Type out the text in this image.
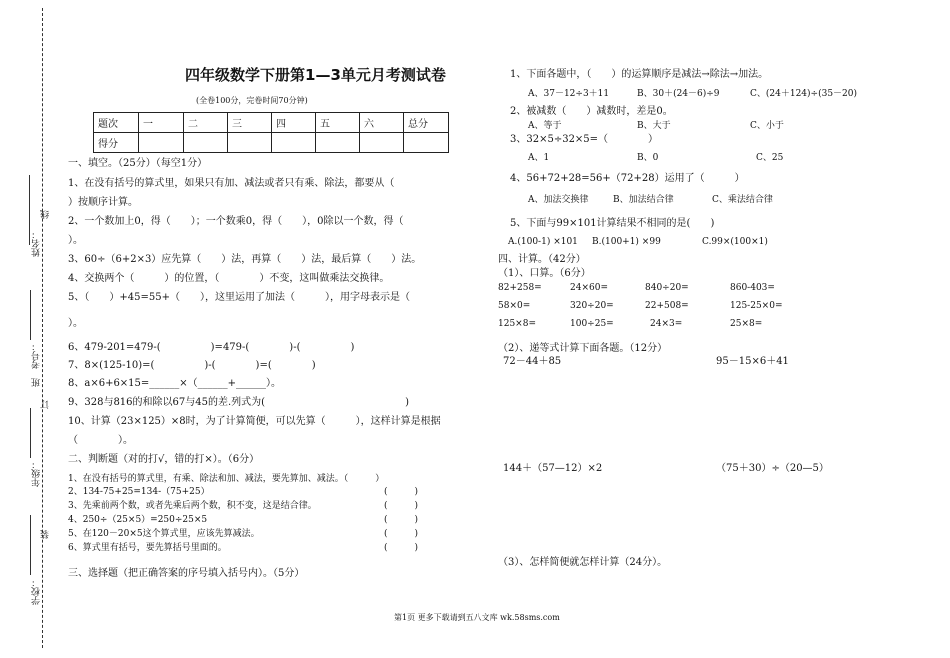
姓名：
线
考号：
班
订
年级：
装
学校：
四年级数学下册第1—3单元月考测试卷
(全卷100分，完卷时间70分钟)
题次	一	二	三	四	五	六	总分
得分							
一、填空。（25分）（每空1分）
1、在没有括号的算式里，如果只有加、减法或者只有乘、除法，都要从（
）按顺序计算。
2、一个数加上0，得（　　）；一个数乘0，得（　　），0除以一个数，得（
）。
3、60÷（6+2×3）应先算（　　）法，再算（　　）法，最后算（　　）法。
4、交换两个（　　　）的位置，（　　　　）不变，这叫做乘法交换律。
5、（　　）+45=55+（　　），这里运用了加法（　　　），用字母表示是（
）。
6、479-201=479-(　　　　　)=479-(　　　　)-(　　　　　)
7、8×(125-10)=(　　　　　)-(　　　　)=(　　　　)
8、a×6+6×15=______×（______+______）。
9、328与816的和除以67与45的差.列式为(　　　　　　　　　　　　　　)
10、计算（23×125）×8时，为了计算简便，可以先算（　　　），这样计算是根据
（　　　　）。
二、判断题（对的打√，错的打×）。（6分）
1、在没有括号的算式里，有乘、除法和加、减法，要先算加、减法。（　　　）
2、134-75+25=134-（75+25）	(　　　)
3、先乘前两个数，或者先乘后两个数，积不变，这是结合律。	(　　　)
4、250÷（25×5）=250÷25×5	(　　　)
5、在120－20×5这个算式里，应该先算减法。	(　　　)
6、算式里有括号，要先算括号里面的。	(　　　)
三、选择题（把正确答案的序号填入括号内）。（5分）
1、下面各题中，（　　）的运算顺序是减法→除法→加法。
A、37－12÷3＋11	B、30＋(24－6)÷9	C、(24＋124)÷(35－20)
2、被减数（　　）减数时，差是0。
A、等于	B、大于	C、小于
3、32×5÷32×5=（　　　　）
A、1	B、0	C、25
4、56+72+28=56+（72+28）运用了（　　　）
A、加法交换律	B、加法结合律	C、乘法结合律
5、下面与99×101计算结果不相同的是(　　)
A.(100-1) ×101 B.(100+1) ×99	C.99×(100×1)
四、计算。（42分）
（1）、口算。（6分）
82+258=	24×60=	840÷20=	860-403=
58×0=	320÷20=	22+508=	125-25×0=
125×8=	100÷25=	24×3=	25×8=
（2）、递等式计算下面各题。（12分）
72－44＋85	95－15×6＋41
144＋（57—12）×2	（75＋30）÷（20—5）
（3）、怎样简便就怎样计算（24分）。
第1页 更多下载请到五八文库 wk.58sms.com
